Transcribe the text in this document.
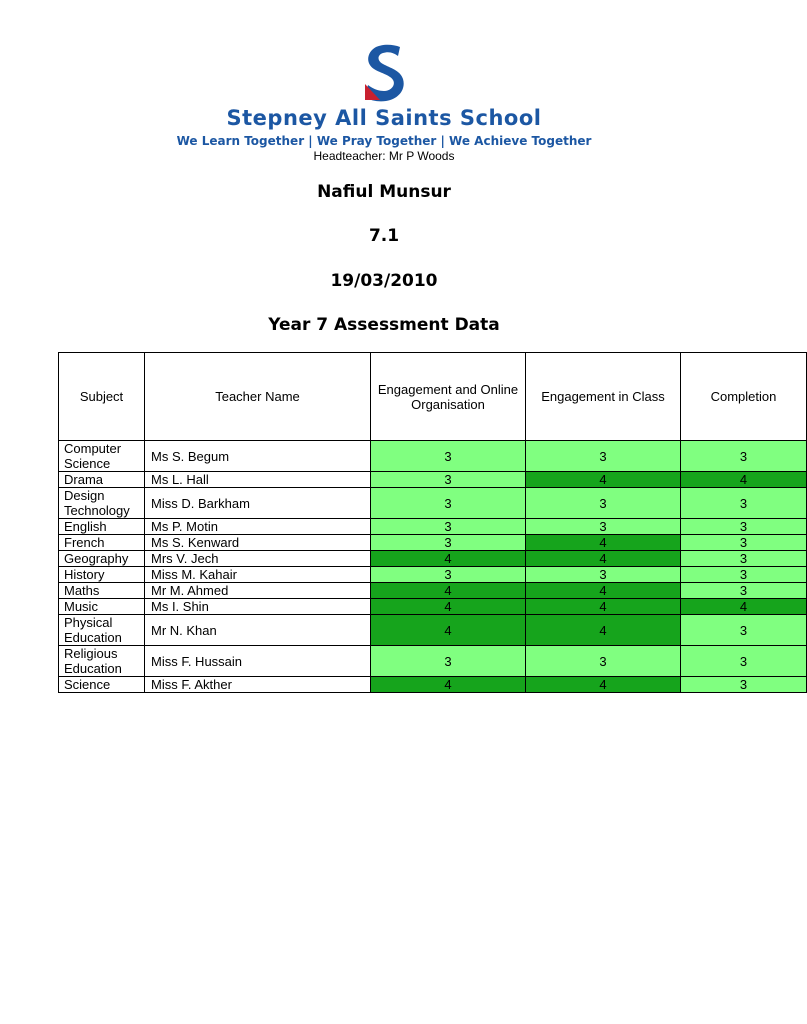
Stepney All Saints School
We Learn Together | We Pray Together | We Achieve Together
Headteacher: Mr P Woods
Nafiul Munsur
7.1
19/03/2010
Year 7 Assessment Data
Subject	Teacher Name	Engagement and Online Organisation	Engagement in Class	Completion
Computer Science	Ms S. Begum	3	3	3
Drama	Ms L. Hall	3	4	4
Design Technology	Miss D. Barkham	3	3	3
English	Ms P. Motin	3	3	3
French	Ms S. Kenward	3	4	3
Geography	Mrs V. Jech	4	4	3
History	Miss M. Kahair	3	3	3
Maths	Mr M. Ahmed	4	4	3
Music	Ms I. Shin	4	4	4
Physical Education	Mr N. Khan	4	4	3
Religious Education	Miss F. Hussain	3	3	3
Science	Miss F. Akther	4	4	3
